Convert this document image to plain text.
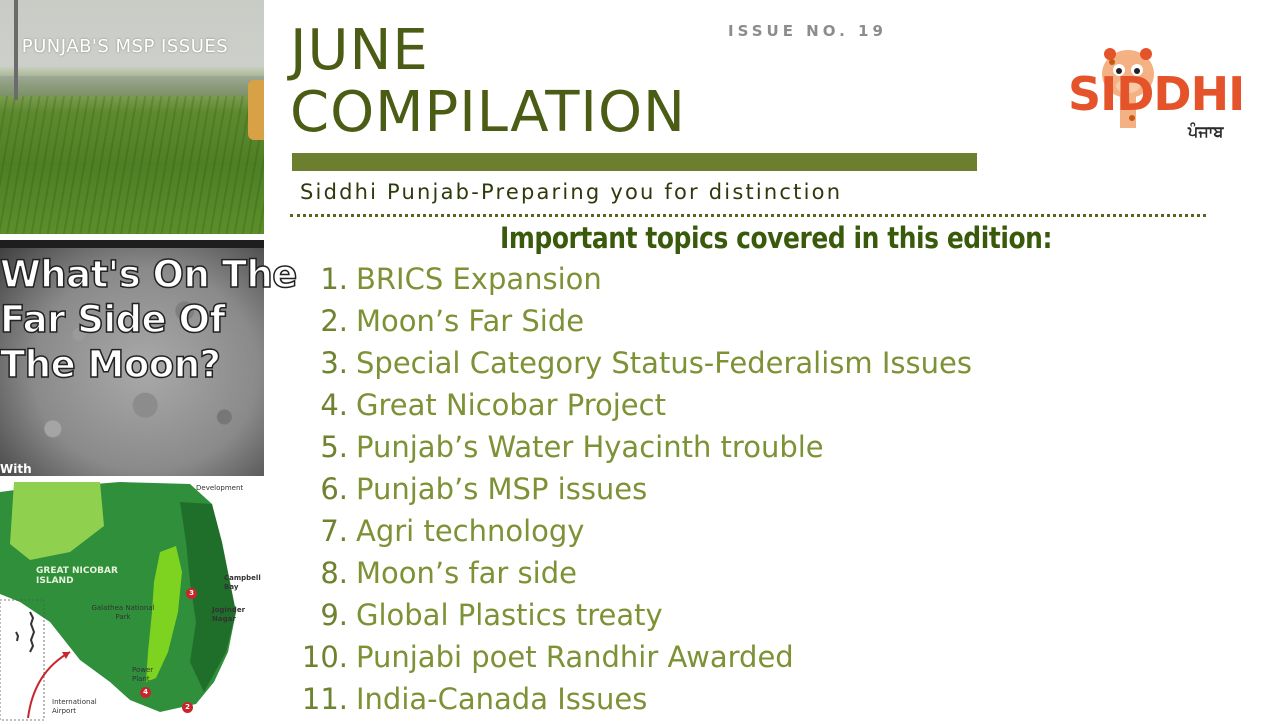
PUNJAB'S MSP ISSUES
What's On The Far Side Of The Moon?
With
Development
GREAT NICOBAR ISLAND
Galathea National Park
Campbell Bay
Joginder Nagar
Power Plant
International Airport
3
4
2
JUNE
COMPILATION
ISSUE NO. 19
Siddhi Punjab-Preparing you for distinction
SIDDHI
ਪੰਜਾਬ
Important topics covered in this edition:
1. BRICS Expansion
2. Moon’s Far Side
3. Special Category Status-Federalism Issues
4. Great Nicobar Project
5. Punjab’s Water Hyacinth trouble
6. Punjab’s MSP issues
7. Agri technology
8. Moon’s far side
9. Global Plastics treaty
10. Punjabi poet Randhir Awarded
11. India-Canada Issues
